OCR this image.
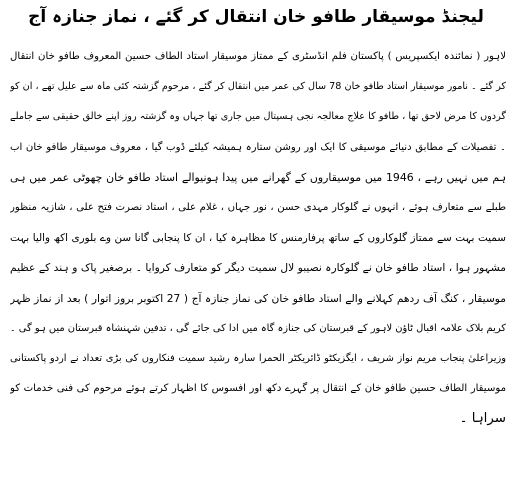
لیجنڈ موسیقار طافو خان انتقال کر گئے ، نماز جنازہ آج
لاہور ( نمائندہ ایکسپریس ) پاکستان فلم انڈسٹری کے ممتاز موسیقار استاد الطاف حسین المعروف طافو خان انتقال
کر گئے ۔ نامور موسیقار استاد طافو خان 78 سال کی عمر میں انتقال کر گئے ، مرحوم گزشتہ کئی ماہ سے علیل تھے ، ان کو
گردوں کا مرض لاحق تھا ، طافو کا علاج معالجہ نجی ہسپتال میں جاری تھا جہاں وہ گزشتہ روز اپنے خالق حقیقی سے جاملے
۔ تفصیلات کے مطابق دنیائے موسیقی کا ایک اور روشن ستارہ ہمیشہ کیلئے ڈوب گیا ، معروف موسیقار طافو خان اب
ہم میں نہیں رہے ، 1946 میں موسیقاروں کے گھرانے میں پیدا ہونیوالے استاد طافو خان چھوٹی عمر میں ہی
طبلے سے متعارف ہوئے ، انہوں نے گلوکار مہدی حسن ، نور جہاں ، غلام علی ، استاد نصرت فتح علی ، شازیہ منظور
سمیت بہت سے ممتاز گلوکاروں کے ساتھ پرفارمنس کا مظاہرہ کیا ، ان کا پنجابی گانا سن وے بلوری اکھ والیا بہت
مشہور ہوا ، استاد طافو خان نے گلوکارہ نصیبو لال سمیت دیگر کو متعارف کروایا ۔ برصغیر پاک و ہند کے عظیم
موسیقار ، کنگ آف ردھم کہلانے والے استاد طافو خان کی نماز جنازہ آج ( 27 اکتوبر بروز اتوار ) بعد از نماز ظہر
کریم بلاک علامہ اقبال ٹاؤن لاہور کے قبرستان کی جنازہ گاہ میں ادا کی جائے گی ، تدفین شہنشاہ قبرستان میں ہو گی ۔
وزیراعلیٰ پنجاب مریم نواز شریف ، ایگزیکٹو ڈائریکٹر الحمرا سارہ رشید سمیت فنکاروں کی بڑی تعداد نے اردو پاکستانی
موسیقار الطاف حسین طافو خان کے انتقال پر گہرے دکھ اور افسوس کا اظہار کرتے ہوئے مرحوم کی فنی خدمات کو
سراہا ۔
